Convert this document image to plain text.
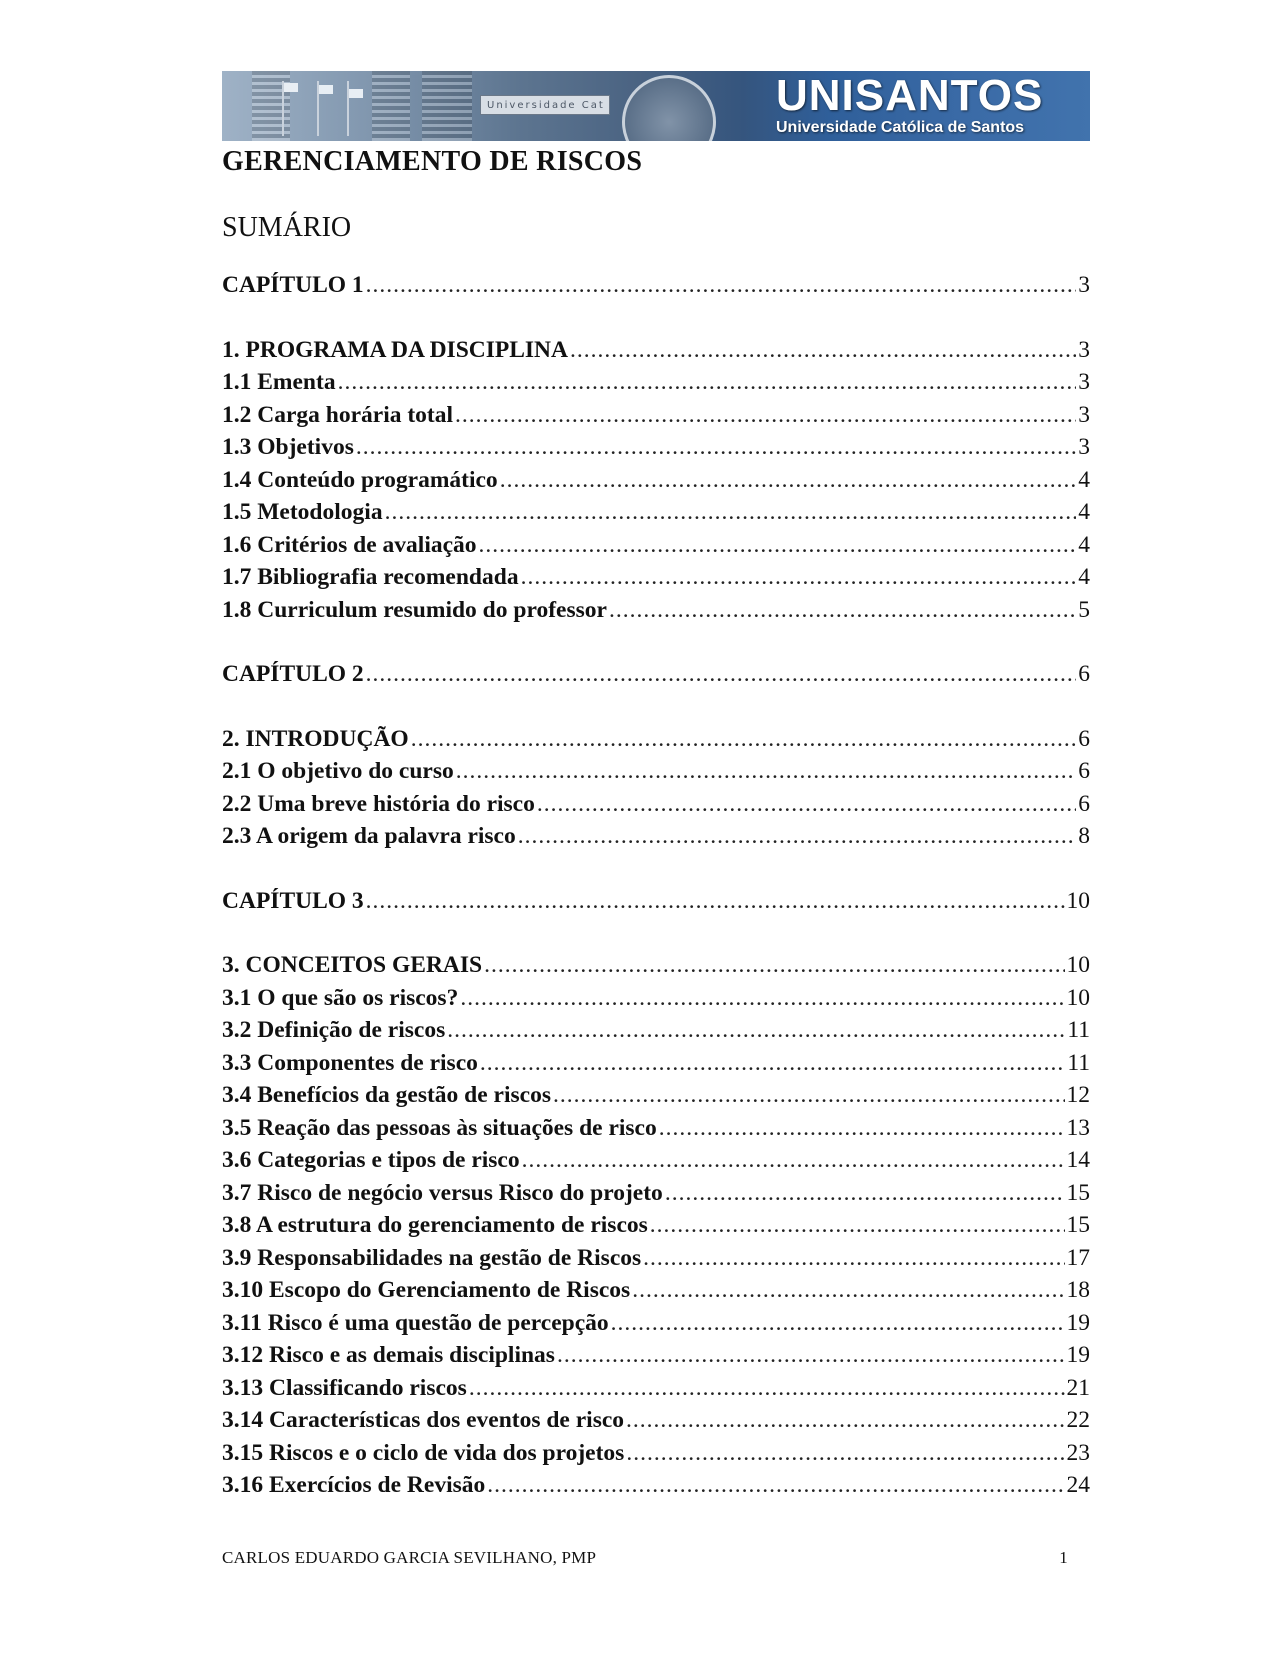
Universidade Cat	UNISANTOS
Universidade Católica de Santos
GERENCIAMENTO DE RISCOS
SUMÁRIO
CAPÍTULO 1 .....	3
1. PROGRAMA DA DISCIPLINA .....	3
1.1 Ementa .....	3
1.2 Carga horária total .....	3
1.3 Objetivos .....	3
1.4 Conteúdo programático .....	4
1.5 Metodologia .....	4
1.6 Critérios de avaliação .....	4
1.7 Bibliografia recomendada .....	4
1.8 Curriculum resumido do professor .....	5
CAPÍTULO 2 .....	6
2. INTRODUÇÃO .....	6
2.1 O objetivo do curso .....	6
2.2 Uma breve história do risco .....	6
2.3 A origem da palavra risco .....	8
CAPÍTULO 3 .....	10
3. CONCEITOS GERAIS .....	10
3.1 O que são os riscos? .....	10
3.2 Definição de riscos .....	11
3.3 Componentes de risco .....	11
3.4 Benefícios da gestão de riscos .....	12
3.5 Reação das pessoas às situações de risco .....	13
3.6 Categorias e tipos de risco .....	14
3.7 Risco de negócio versus Risco do projeto .....	15
3.8 A estrutura do gerenciamento de riscos .....	15
3.9 Responsabilidades na gestão de Riscos .....	17
3.10 Escopo do Gerenciamento de Riscos .....	18
3.11 Risco é uma questão de percepção .....	19
3.12 Risco e as demais disciplinas .....	19
3.13 Classificando riscos .....	21
3.14 Características dos eventos de risco .....	22
3.15 Riscos e o ciclo de vida dos projetos .....	23
3.16 Exercícios de Revisão .....	24
CARLOS EDUARDO GARCIA SEVILHANO, PMP	1
